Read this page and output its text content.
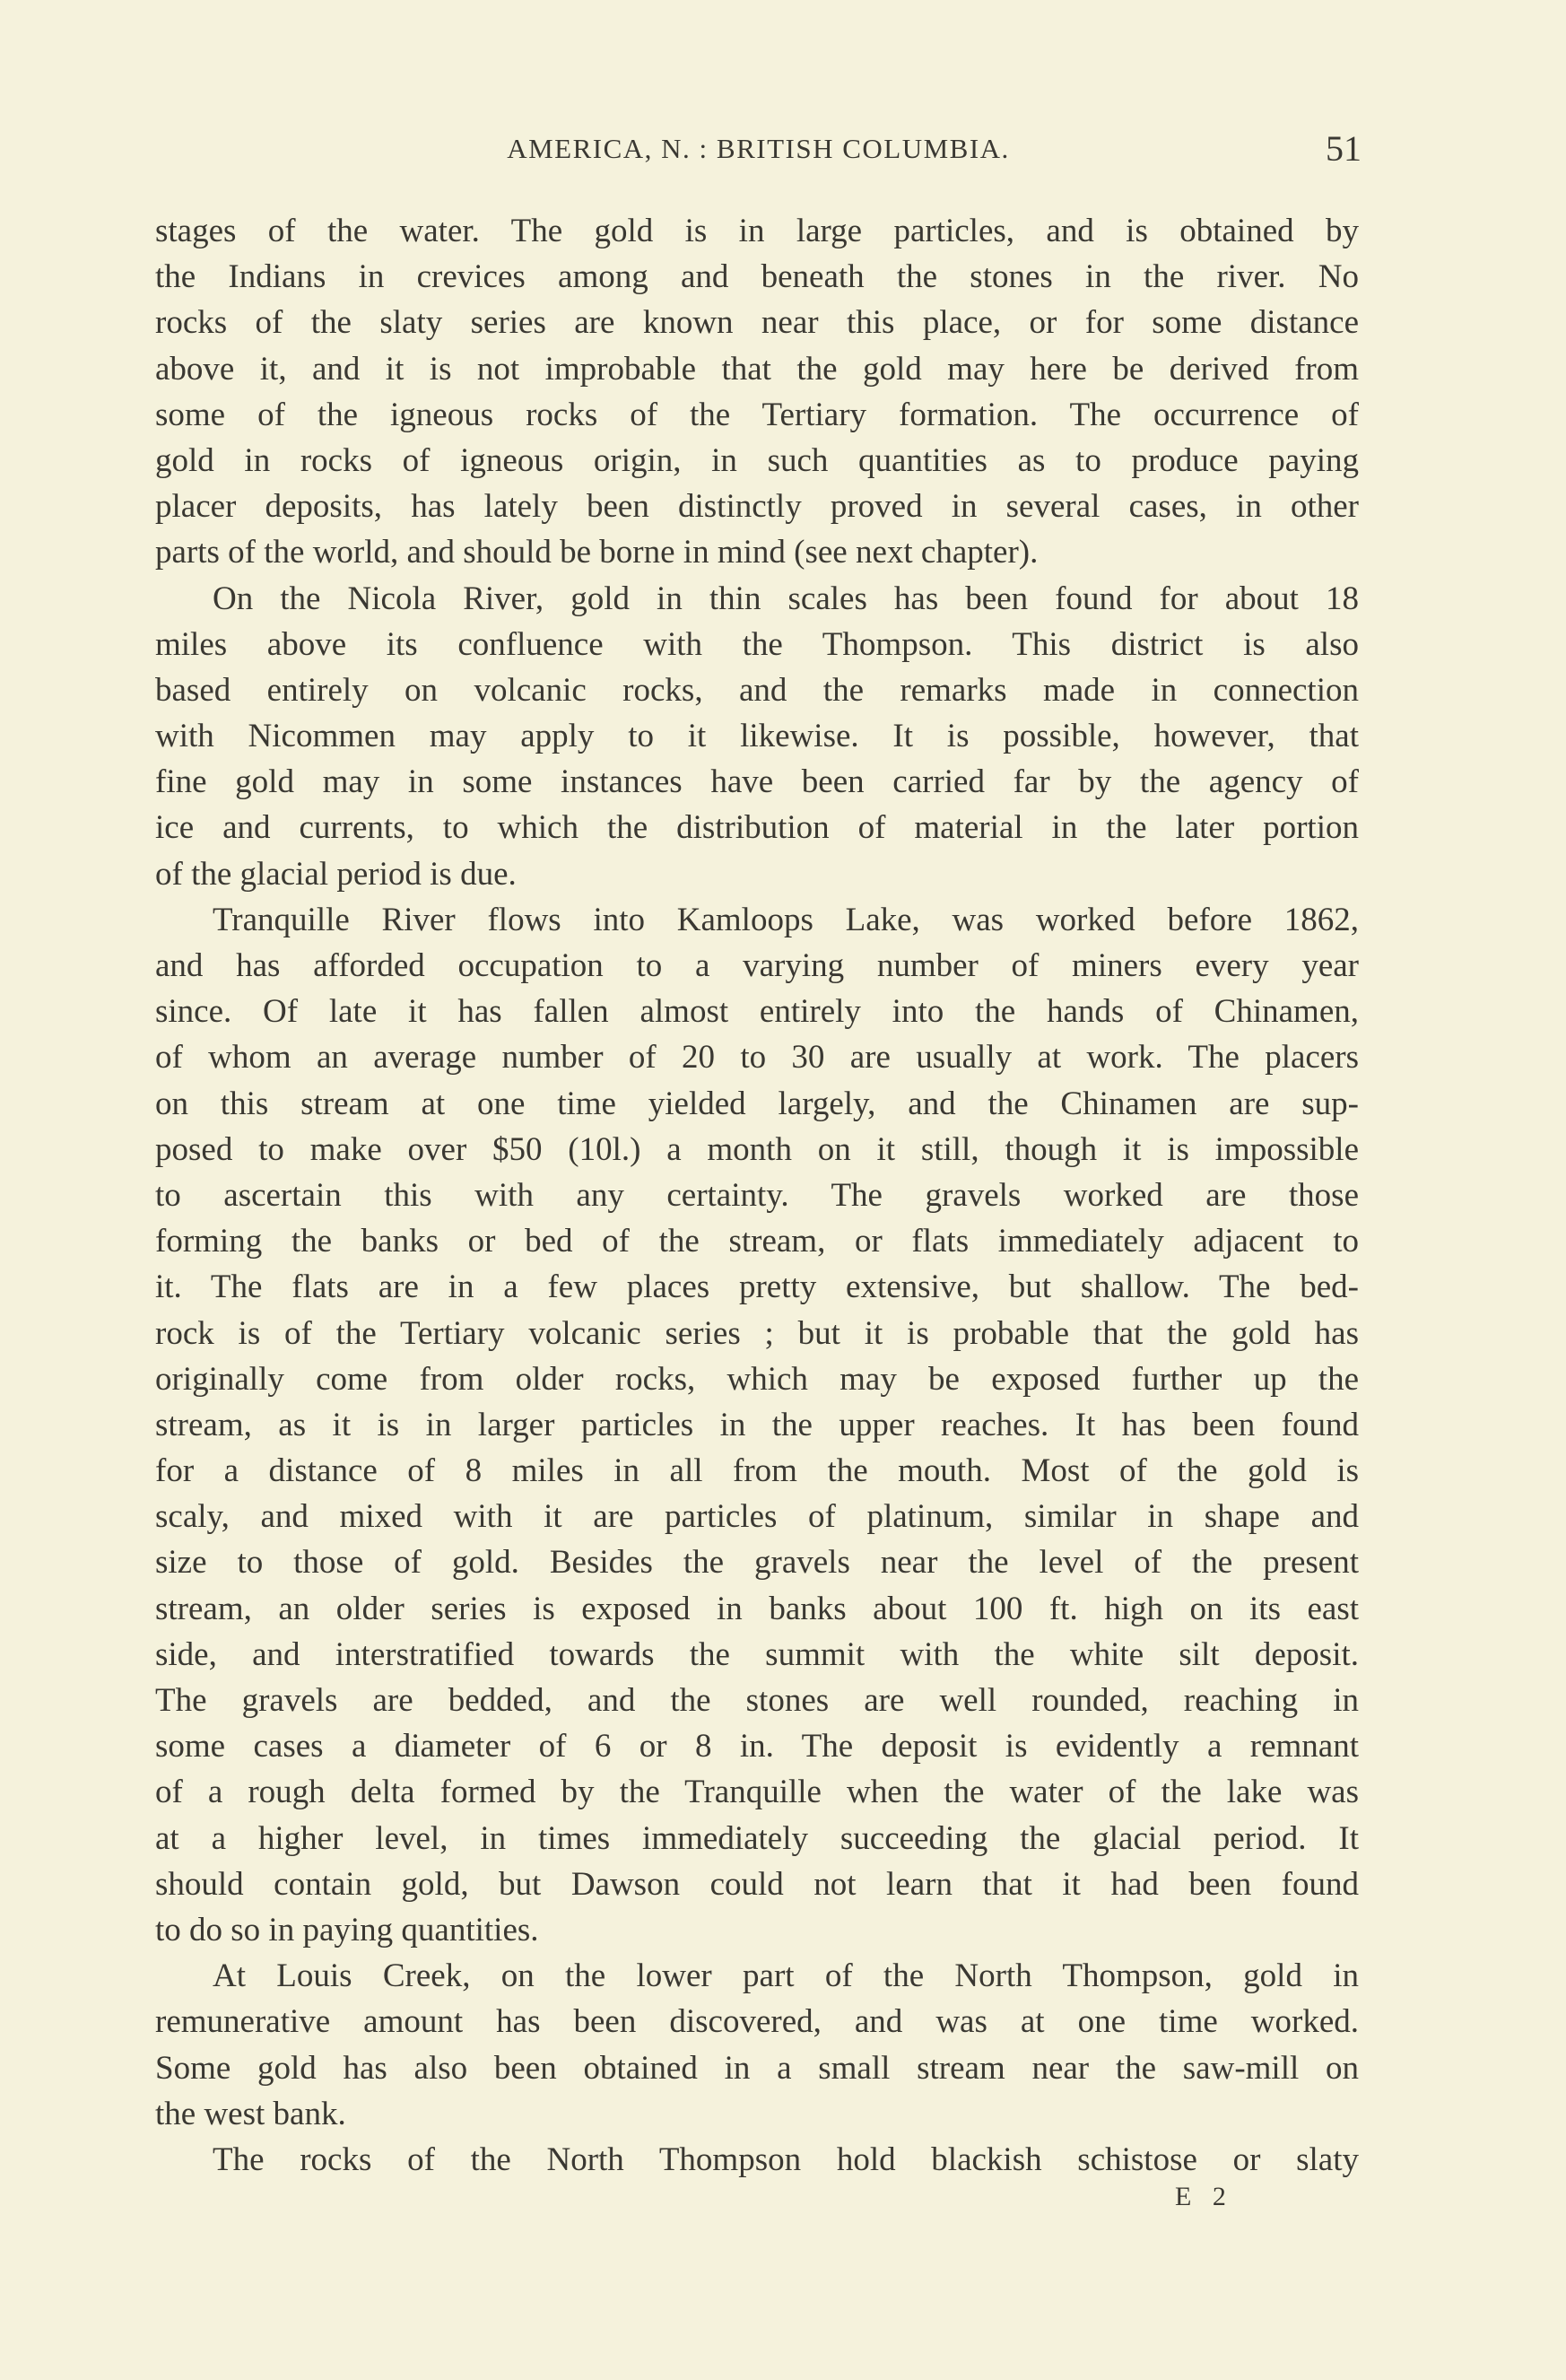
AMERICA, N. : BRITISH COLUMBIA.	51
stages of the water. The gold is in large particles, and is obtained by
the Indians in crevices among and beneath the stones in the river. No
rocks of the slaty series are known near this place, or for some distance
above it, and it is not improbable that the gold may here be derived from
some of the igneous rocks of the Tertiary formation. The occurrence of
gold in rocks of igneous origin, in such quantities as to produce paying
placer deposits, has lately been distinctly proved in several cases, in other
parts of the world, and should be borne in mind (see next chapter).
On the Nicola River, gold in thin scales has been found for about 18
miles above its confluence with the Thompson. This district is also
based entirely on volcanic rocks, and the remarks made in connection
with Nicommen may apply to it likewise. It is possible, however, that
fine gold may in some instances have been carried far by the agency of
ice and currents, to which the distribution of material in the later portion
of the glacial period is due.
Tranquille River flows into Kamloops Lake, was worked before 1862,
and has afforded occupation to a varying number of miners every year
since. Of late it has fallen almost entirely into the hands of Chinamen,
of whom an average number of 20 to 30 are usually at work. The placers
on this stream at one time yielded largely, and the Chinamen are sup-
posed to make over $50 (10l.) a month on it still, though it is impossible
to ascertain this with any certainty. The gravels worked are those
forming the banks or bed of the stream, or flats immediately adjacent to
it. The flats are in a few places pretty extensive, but shallow. The bed-
rock is of the Tertiary volcanic series ; but it is probable that the gold has
originally come from older rocks, which may be exposed further up the
stream, as it is in larger particles in the upper reaches. It has been found
for a distance of 8 miles in all from the mouth. Most of the gold is
scaly, and mixed with it are particles of platinum, similar in shape and
size to those of gold. Besides the gravels near the level of the present
stream, an older series is exposed in banks about 100 ft. high on its east
side, and interstratified towards the summit with the white silt deposit.
The gravels are bedded, and the stones are well rounded, reaching in
some cases a diameter of 6 or 8 in. The deposit is evidently a remnant
of a rough delta formed by the Tranquille when the water of the lake was
at a higher level, in times immediately succeeding the glacial period. It
should contain gold, but Dawson could not learn that it had been found
to do so in paying quantities.
At Louis Creek, on the lower part of the North Thompson, gold in
remunerative amount has been discovered, and was at one time worked.
Some gold has also been obtained in a small stream near the saw-mill on
the west bank.
The rocks of the North Thompson hold blackish schistose or slaty
E 2
